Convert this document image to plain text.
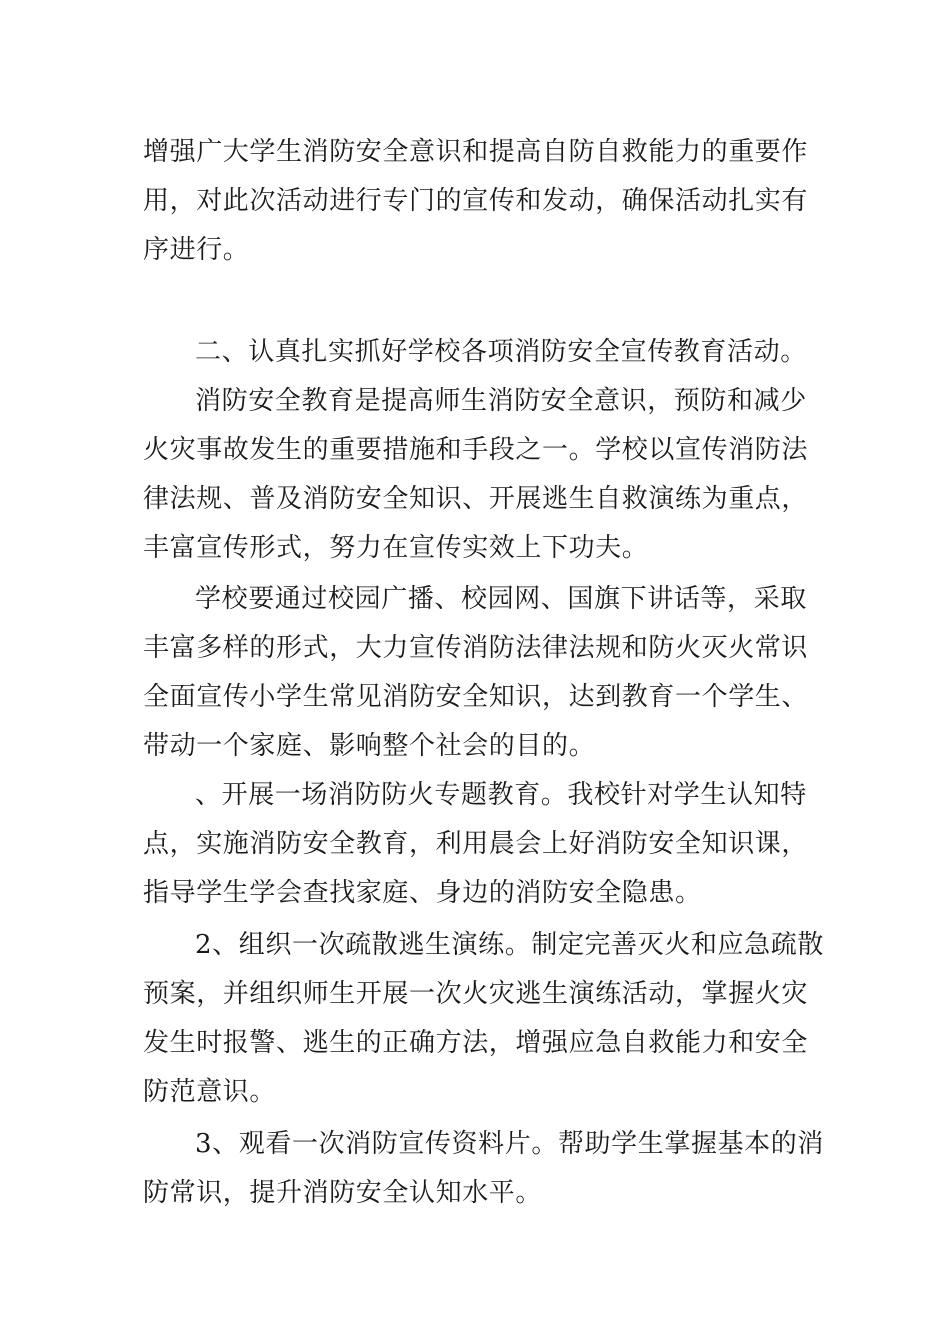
增强广大学生消防安全意识和提高自防自救能力的重要作
用，对此次活动进行专门的宣传和发动，确保活动扎实有
序进行。
二、认真扎实抓好学校各项消防安全宣传教育活动。
消防安全教育是提高师生消防安全意识，预防和减少
火灾事故发生的重要措施和手段之一。学校以宣传消防法
律法规、普及消防安全知识、开展逃生自救演练为重点，
丰富宣传形式，努力在宣传实效上下功夫。
学校要通过校园广播、校园网、国旗下讲话等，采取
丰富多样的形式，大力宣传消防法律法规和防火灭火常识
全面宣传小学生常见消防安全知识，达到教育一个学生、
带动一个家庭、影响整个社会的目的。
、开展一场消防防火专题教育。我校针对学生认知特
点，实施消防安全教育，利用晨会上好消防安全知识课，
指导学生学会查找家庭、身边的消防安全隐患。
2、组织一次疏散逃生演练。制定完善灭火和应急疏散
预案，并组织师生开展一次火灾逃生演练活动，掌握火灾
发生时报警、逃生的正确方法，增强应急自救能力和安全
防范意识。
3、观看一次消防宣传资料片。帮助学生掌握基本的消
防常识，提升消防安全认知水平。
